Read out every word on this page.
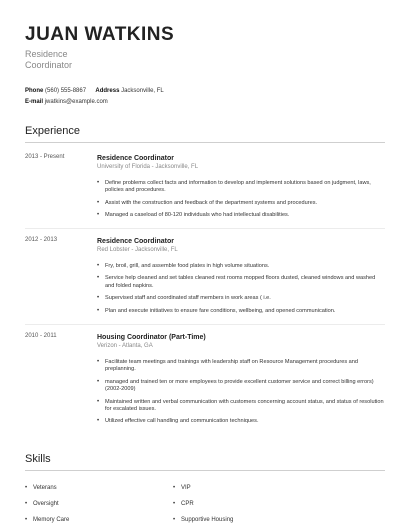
JUAN WATKINS
Residence
Coordinator
Phone (560) 555-8867 Address Jacksonville, FL
E-mail jwatkins@example.com
Experience
2013 - Present	Residence Coordinator
University of Florida - Jacksonville, FL
• Define problems collect facts and information to develop and implement solutions based on judgment, laws, policies and procedures.
• Assist with the construction and feedback of the department systems and procedures.
• Managed a caseload of 80-120 individuals who had intellectual disabilities.
2012 - 2013	Residence Coordinator
Red Lobster - Jacksonville, FL
• Fry, broil, grill, and assemble food plates in high volume situations.
• Service help cleaned and set tables cleaned rest rooms mopped floors dusted, cleaned windows and washed and folded napkins.
• Supervised staff and coordinated staff members in work areas ( i.e.
• Plan and execute initiatives to ensure fare conditions, wellbeing, and opened communication.
2010 - 2011	Housing Coordinator (Part-Time)
Verizon - Atlanta, GA
• Facilitate team meetings and trainings with leadership staff on Resource Management procedures and preplanning.
• managed and trained ten or more employees to provide excellent customer service and correct billing errors)(2002-2009)
• Maintained written and verbal communication with customers concerning account status, and status of resolution for escalated issues.
• Utilized effective call handling and communication techniques.
Skills
• Veterans	• VIP
• Oversight	• CPR
• Memory Care	• Supportive Housing
